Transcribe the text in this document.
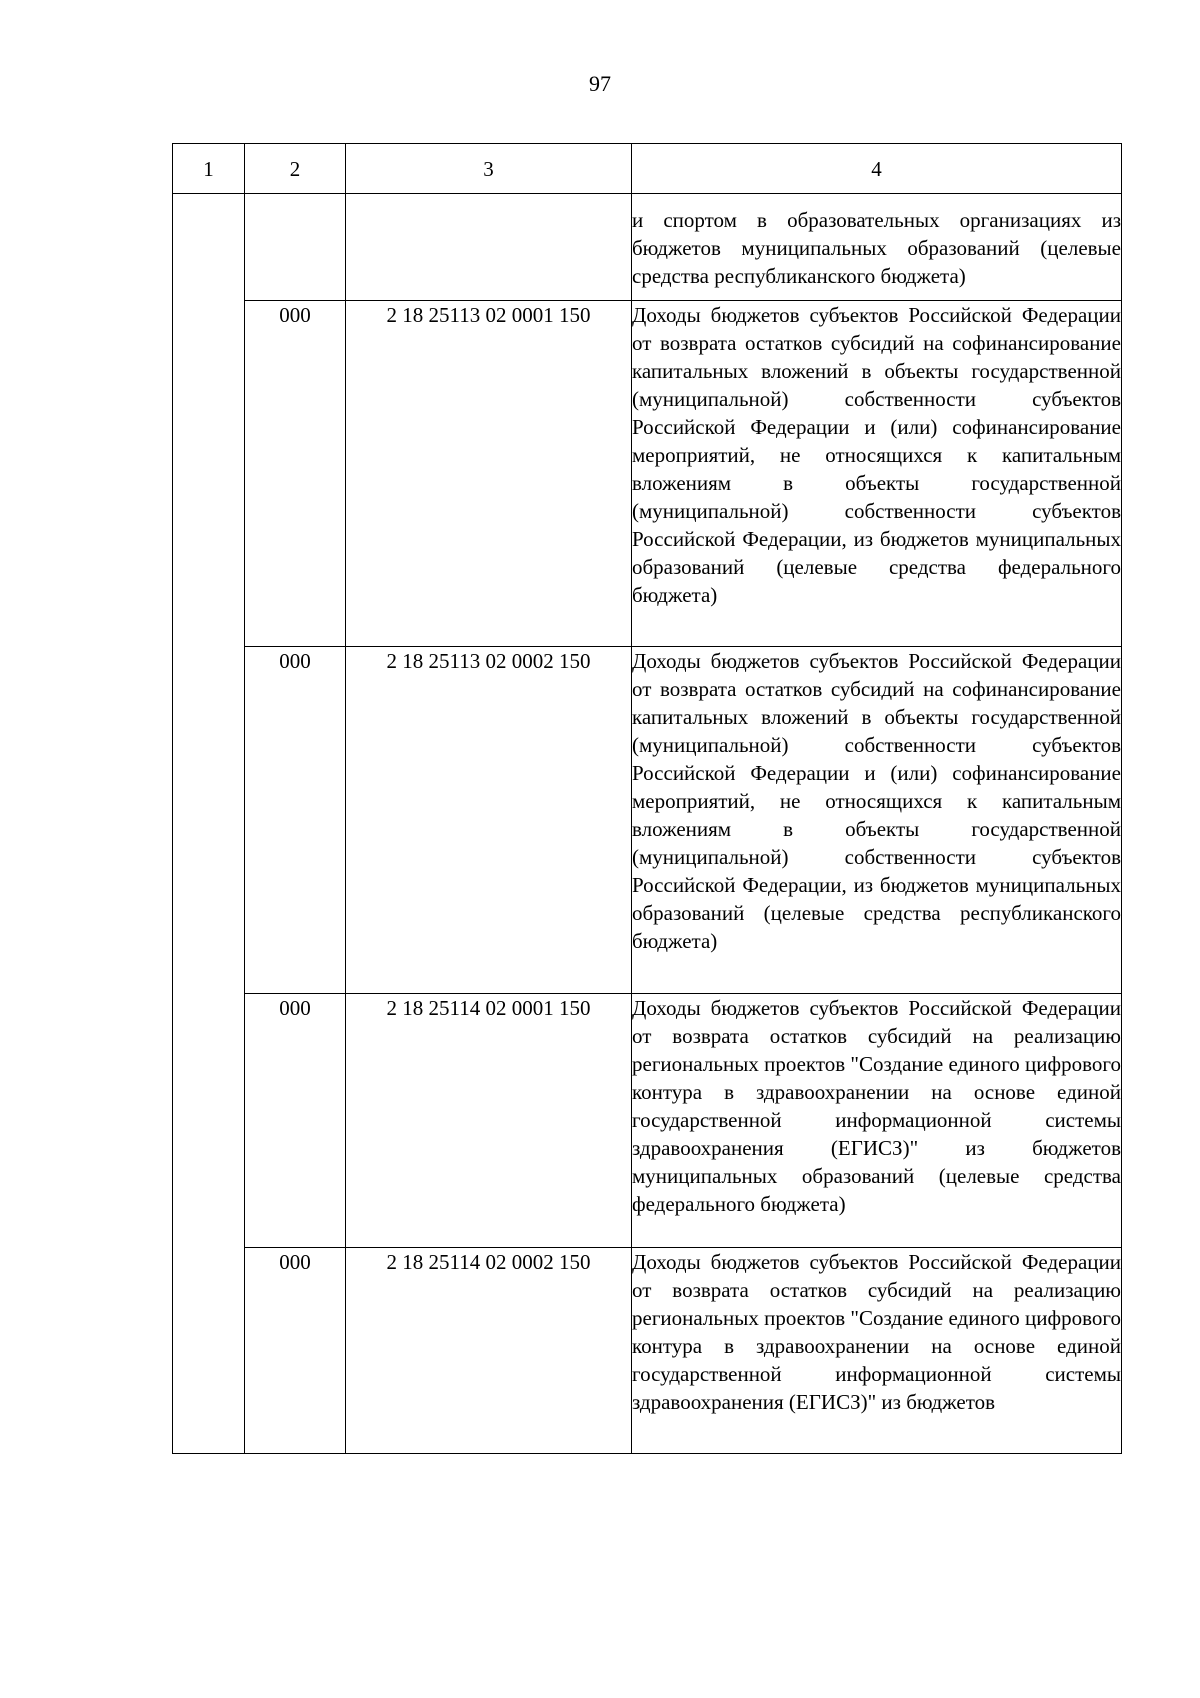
97
1	2	3	4

			и спортом в образовательных организациях из бюджетов муниципальных образований (целевые средства республиканского бюджета)

	000	2 18 25113 02 0001 150	Доходы бюджетов субъектов Российской Федерации от возврата остатков субсидий на софинансирование капитальных вложений в объекты государственной (муниципальной) собственности субъектов Российской Федерации и (или) софинансирование мероприятий, не относящихся к капитальным вложениям в объекты государственной (муниципальной) собственности субъектов Российской Федерации, из бюджетов муниципальных образований (целевые средства федерального бюджета)

	000	2 18 25113 02 0002 150	Доходы бюджетов субъектов Российской Федерации от возврата остатков субсидий на софинансирование капитальных вложений в объекты государственной (муниципальной) собственности субъектов Российской Федерации и (или) софинансирование мероприятий, не относящихся к капитальным вложениям в объекты государственной (муниципальной) собственности субъектов Российской Федерации, из бюджетов муниципальных образований (целевые средства республиканского бюджета)

	000	2 18 25114 02 0001 150	Доходы бюджетов субъектов Российской Федерации от возврата остатков субсидий на реализацию региональных проектов "Создание единого цифрового контура в здравоохранении на основе единой государственной информационной системы здравоохранения (ЕГИСЗ)" из бюджетов муниципальных образований (целевые средства федерального бюджета)

	000	2 18 25114 02 0002 150	Доходы бюджетов субъектов Российской Федерации от возврата остатков субсидий на реализацию региональных проектов "Создание единого цифрового контура в здравоохранении на основе единой государственной информационной системы здравоохранения (ЕГИСЗ)" из бюджетов
